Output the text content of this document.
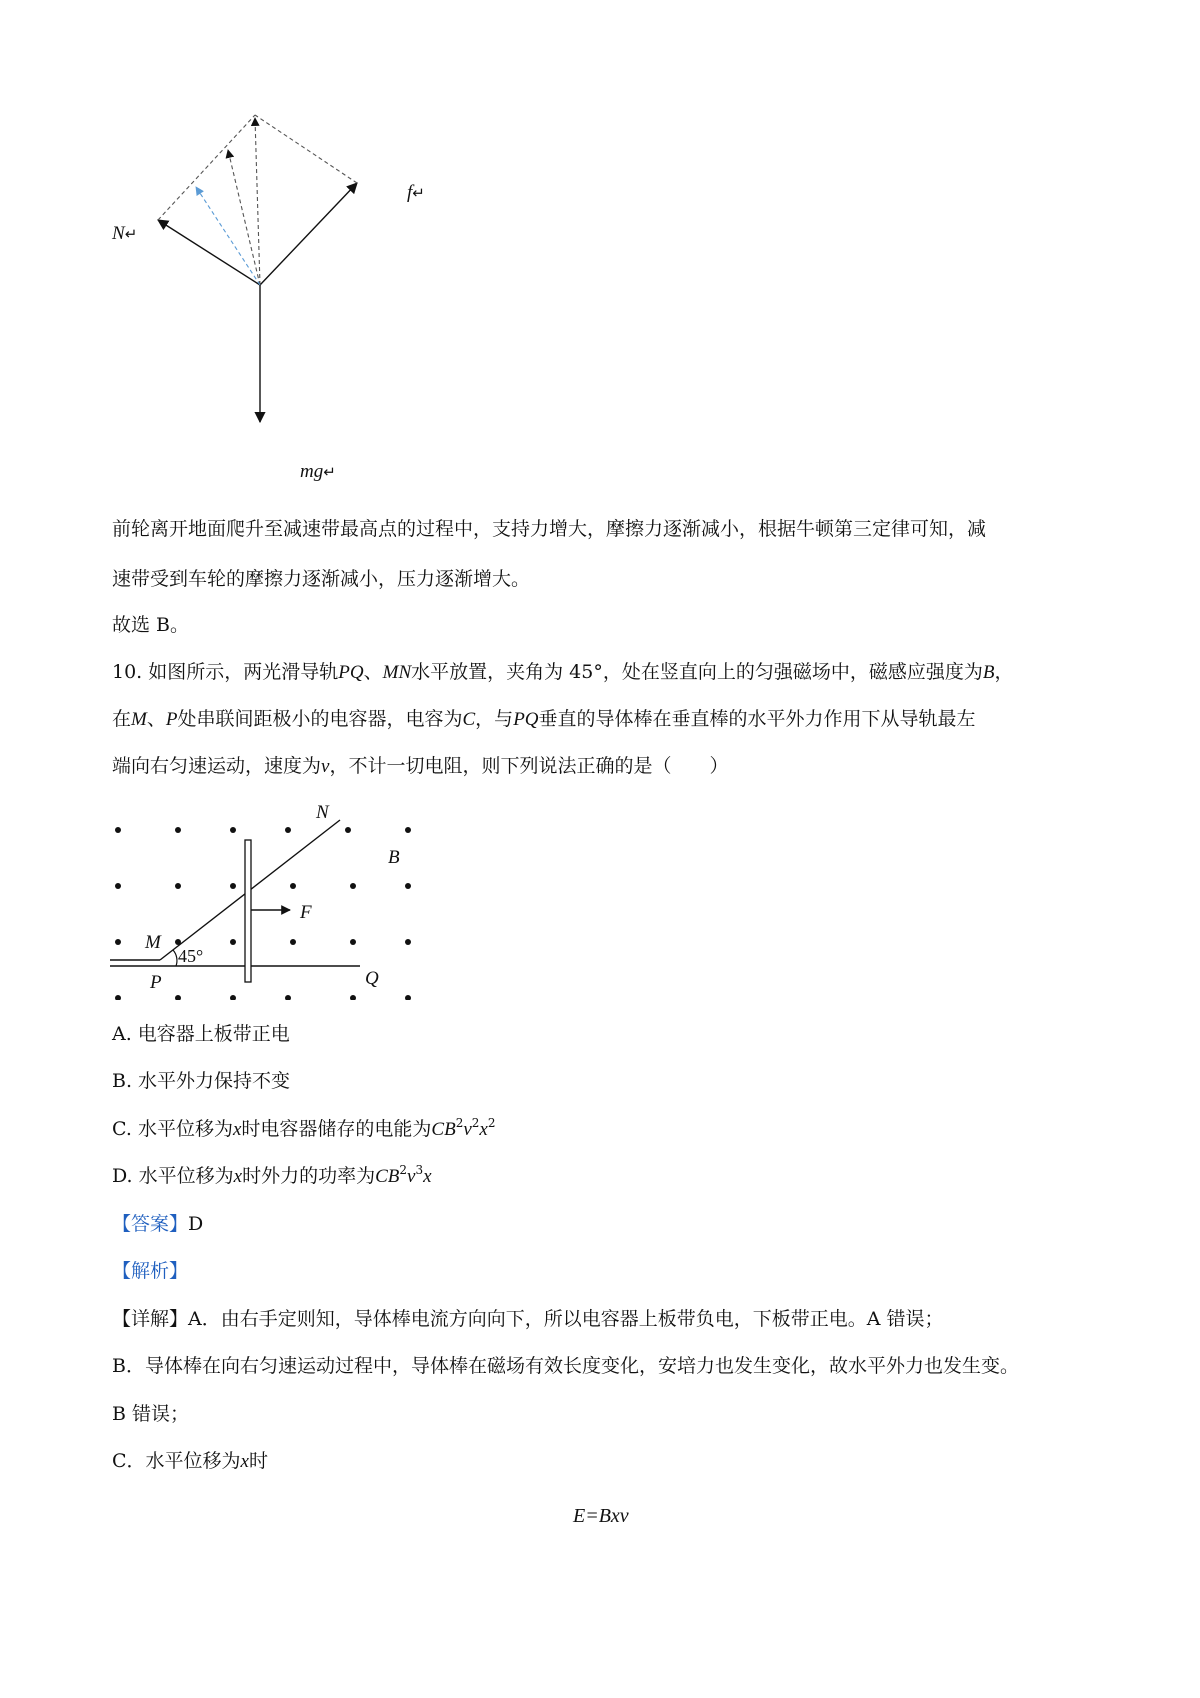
N↵
f↵
mg↵
前轮离开地面爬升至减速带最高点的过程中，支持力增大，摩擦力逐渐减小，根据牛顿第三定律可知，减
速带受到车轮的摩擦力逐渐减小，压力逐渐增大。
故选 B。
10. 如图所示，两光滑导轨PQ、MN水平放置，夹角为 45°，处在竖直向上的匀强磁场中，磁感应强度为B，
在M、P处串联间距极小的电容器，电容为C，与PQ垂直的导体棒在垂直棒的水平外力作用下从导轨最左
端向右匀速运动，速度为v，不计一切电阻，则下列说法正确的是（　　）
N
B
F
M
45°
P	Q
A. 电容器上板带正电
B. 水平外力保持不变
C. 水平位移为x时电容器储存的电能为$CB^2v^2x^2$
D. 水平位移为x时外力的功率为$CB^2v^3x$
【答案】D
【解析】
【详解】A．由右手定则知，导体棒电流方向向下，所以电容器上板带负电，下板带正电。A 错误；
B．导体棒在向右匀速运动过程中，导体棒在磁场有效长度变化，安培力也发生变化，故水平外力也发生变。
B 错误；
C．水平位移为x时
E=Bxv
